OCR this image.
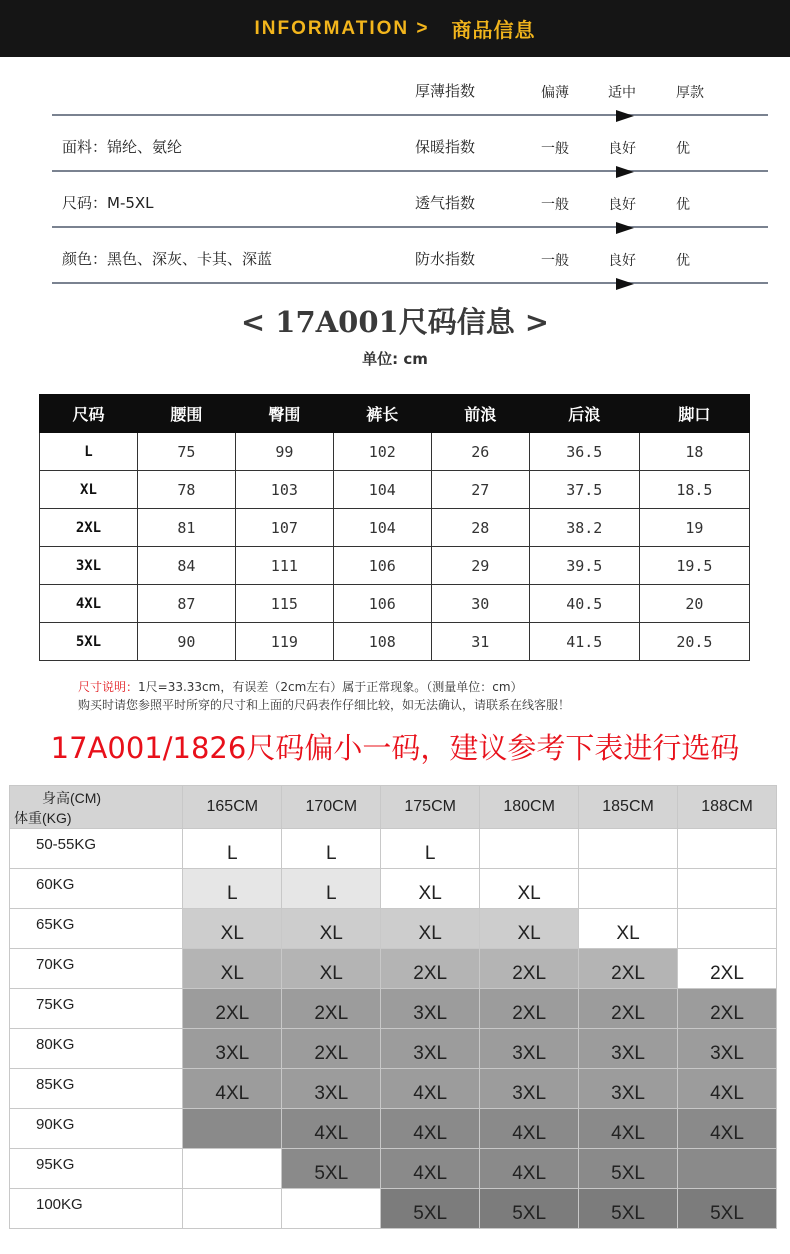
INFORMATION > 商品信息
厚薄指数	偏薄	适中	厚款
面料：锦纶、氨纶	保暖指数	一般	良好	优
尺码：M-5XL	透气指数	一般	良好	优
颜色：黑色、深灰、卡其、深蓝	防水指数	一般	良好	优
< 17A001尺码信息 >
单位: cm
尺码	腰围	臀围	裤长	前浪	后浪	脚口
L	75	99	102	26	36.5	18
XL	78	103	104	27	37.5	18.5
2XL	81	107	104	28	38.2	19
3XL	84	111	106	29	39.5	19.5
4XL	87	115	106	30	40.5	20
5XL	90	119	108	31	41.5	20.5
尺寸说明：1尺=33.33cm，有误差（2cm左右）属于正常现象。（测量单位：cm）
购买时请您参照平时所穿的尺寸和上面的尺码表作仔细比较，如无法确认，请联系在线客服！
17A001/1826尺码偏小一码，建议参考下表进行选码
身高(CM)
体重(KG)	165CM	170CM	175CM	180CM	185CM	188CM
50-55KG	L	L	L			
60KG	L	L	XL	XL		
65KG	XL	XL	XL	XL	XL	
70KG	XL	XL	2XL	2XL	2XL	2XL
75KG	2XL	2XL	3XL	2XL	2XL	2XL
80KG	3XL	2XL	3XL	3XL	3XL	3XL
85KG	4XL	3XL	4XL	3XL	3XL	4XL
90KG		4XL	4XL	4XL	4XL	4XL
95KG		5XL	4XL	4XL	5XL	
100KG			5XL	5XL	5XL	5XL
